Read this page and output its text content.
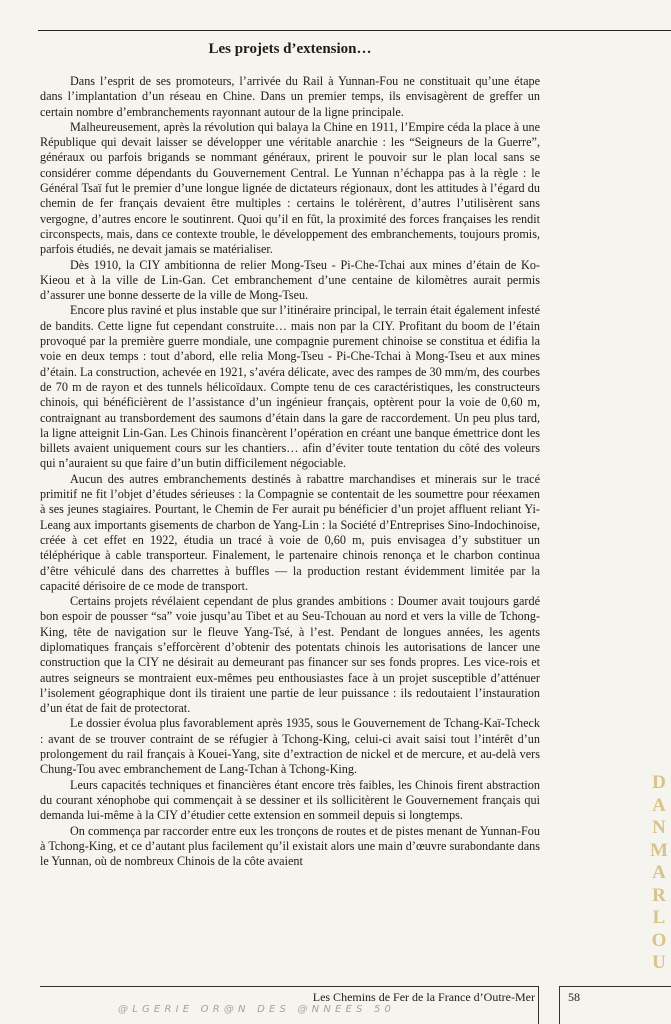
Les projets d’extension…

Dans l’esprit de ses promoteurs, l’arrivée du Rail à Yunnan-Fou ne constituait qu’une étape dans l’implantation d’un réseau en Chine. Dans un premier temps, ils envisagèrent de greffer un certain nombre d’embranchements rayonnant autour de la ligne principale.

Malheureusement, après la révolution qui balaya la Chine en 1911, l’Empire céda la place à une République qui devait laisser se développer une véritable anarchie : les “Seigneurs de la Guerre”, généraux ou parfois brigands se nommant généraux, prirent le pouvoir sur le plan local sans se considérer comme dépendants du Gouvernement Central. Le Yunnan n’échappa pas à la règle : le Général Tsaï fut le premier d’une longue lignée de dictateurs régionaux, dont les attitudes à l’égard du chemin de fer français devaient être multiples : certains le tolérèrent, d’autres l’utilisèrent sans vergogne, d’autres encore le soutinrent. Quoi qu’il en fût, la proximité des forces françaises les rendit circonspects, mais, dans ce contexte trouble, le développement des embranchements, toujours promis, parfois étudiés, ne devait jamais se matérialiser.

Dès 1910, la CIY ambitionna de relier Mong-Tseu - Pi-Che-Tchai aux mines d’étain de Ko-Kieou et à la ville de Lin-Gan. Cet embranchement d’une centaine de kilomètres aurait permis d’assurer une bonne desserte de la ville de Mong-Tseu.

Encore plus raviné et plus instable que sur l’itinéraire principal, le terrain était également infesté de bandits. Cette ligne fut cependant construite… mais non par la CIY. Profitant du boom de l’étain provoqué par la première guerre mondiale, une compagnie purement chinoise se constitua et édifia la voie en deux temps : tout d’abord, elle relia Mong-Tseu - Pi-Che-Tchai à Mong-Tseu et aux mines d’étain. La construction, achevée en 1921, s’avéra délicate, avec des rampes de 30 mm/m, des courbes de 70 m de rayon et des tunnels hélicoïdaux. Compte tenu de ces caractéristiques, les constructeurs chinois, qui bénéficièrent de l’assistance d’un ingénieur français, optèrent pour la voie de 0,60 m, contraignant au transbordement des saumons d’étain dans la gare de raccordement. Un peu plus tard, la ligne atteignit Lin-Gan. Les Chinois financèrent l’opération en créant une banque émettrice dont les billets avaient uniquement cours sur les chantiers… afin d’éviter toute tentation du côté des voleurs qui n’auraient su que faire d’un butin difficilement négociable.

Aucun des autres embranchements destinés à rabattre marchandises et minerais sur le tracé primitif ne fit l’objet d’études sérieuses : la Compagnie se contentait de les soumettre pour réexamen à ses jeunes stagiaires. Pourtant, le Chemin de Fer aurait pu bénéficier d’un projet affluent reliant Yi-Leang aux importants gisements de charbon de Yang-Lin : la Société d’Entreprises Sino-Indochinoise, créée à cet effet en 1922, étudia un tracé à voie de 0,60 m, puis envisagea d’y substituer un téléphérique à cable transporteur. Finalement, le partenaire chinois renonça et le charbon continua d’être véhiculé dans des charrettes à buffles — la production restant évidemment limitée par la capacité dérisoire de ce mode de transport.

Certains projets révélaient cependant de plus grandes ambitions : Doumer avait toujours gardé bon espoir de pousser “sa” voie jusqu’au Tibet et au Seu-Tchouan au nord et vers la ville de Tchong-King, tête de navigation sur le fleuve Yang-Tsé, à l’est. Pendant de longues années, les agents diplomatiques français s’efforcèrent d’obtenir des potentats chinois les autorisations de lancer une construction que la CIY ne désirait au demeurant pas financer sur ses fonds propres. Les vice-rois et autres seigneurs se montraient eux-mêmes peu enthousiastes face à un projet susceptible d’atténuer l’isolement géographique dont ils tiraient une partie de leur puissance : ils redoutaient l’instauration d’un état de fait de protectorat.

Le dossier évolua plus favorablement après 1935, sous le Gouvernement de Tchang-Kaï-Tcheck : avant de se trouver contraint de se réfugier à Tchong-King, celui-ci avait saisi tout l’intérêt d’un prolongement du rail français à Kouei-Yang, site d’extraction de nickel et de mercure, et au-delà vers Chung-Tou avec embranchement de Lang-Tchan à Tchong-King.

Leurs capacités techniques et financières étant encore très faibles, les Chinois firent abstraction du courant xénophobe qui commençait à se dessiner et ils sollicitèrent le Gouvernement français qui demanda lui-même à la CIY d’étudier cette extension en sommeil depuis si longtemps.

On commença par raccorder entre eux les tronçons de routes et de pistes menant de Yunnan-Fou à Tchong-King, et ce d’autant plus facilement qu’il existait alors une main d’œuvre surabondante dans le Yunnan, où de nombreux Chinois de la côte avaient

D
A
N
M
A
R
L
O
U
Les Chemins de Fer de la France d’Outre-Mer	58
@LGERIE OR@N DES @NNEES 50
